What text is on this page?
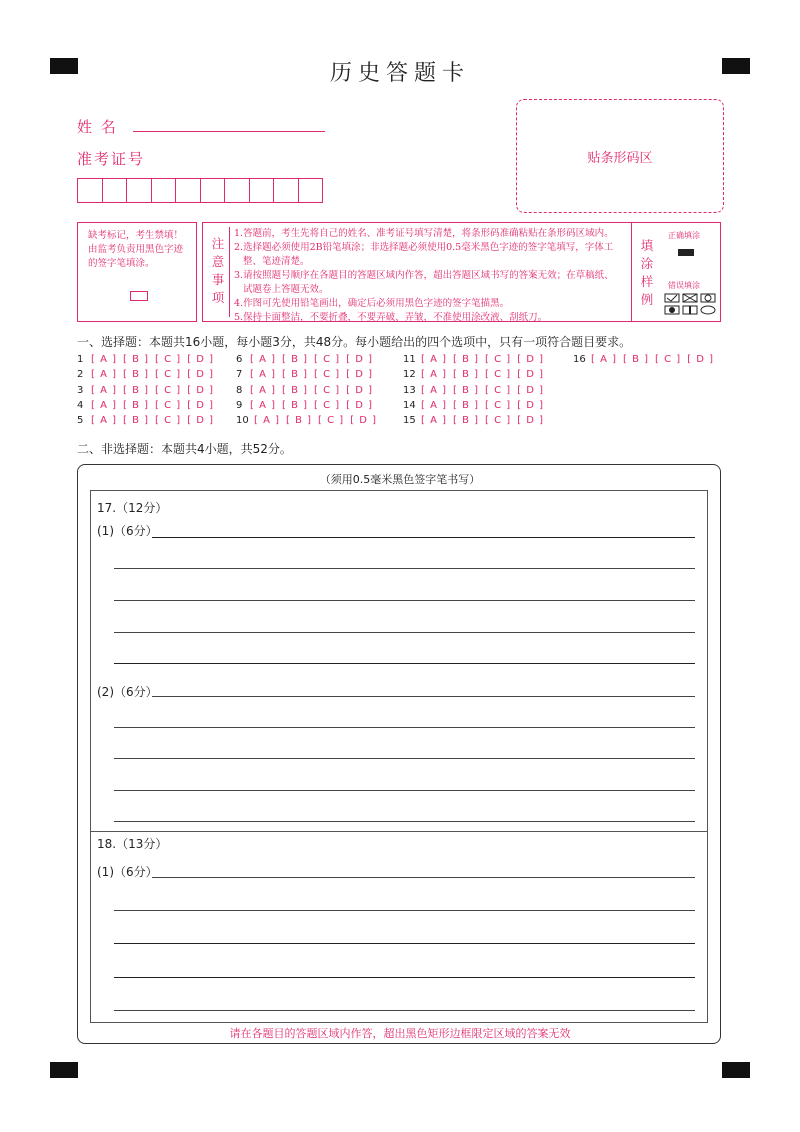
历史答题卡
姓 名
准考证号	贴条形码区
缺考标记，考生禁填！由监考负责用黑色字迹的签字笔填涂。
注
意
事
项
1.答题前，考生先将自己的姓名、准考证号填写清楚，将条形码准确粘贴在条形码区域内。
2.选择题必须使用2B铅笔填涂；非选择题必须使用0.5毫米黑色字迹的签字笔填写，字体工
整、笔迹清楚。
3.请按照题号顺序在各题目的答题区域内作答，超出答题区域书写的答案无效；在草稿纸、
试题卷上答题无效。
4.作图可先使用铅笔画出，确定后必须用黑色字迹的签字笔描黑。
5.保持卡面整洁，不要折叠，不要弄破、弄皱，不准使用涂改液、刮纸刀。
填
涂
样
例
正确填涂
错误填涂
一、选择题：本题共16小题，每小题3分，共48分。每小题给出的四个选项中，只有一项符合题目要求。
1 [ A ] [ B ] [ C ] [ D ]
2 [ A ] [ B ] [ C ] [ D ]
3 [ A ] [ B ] [ C ] [ D ]
4 [ A ] [ B ] [ C ] [ D ]
5 [ A ] [ B ] [ C ] [ D ]
6 [ A ] [ B ] [ C ] [ D ]
7 [ A ] [ B ] [ C ] [ D ]
8 [ A ] [ B ] [ C ] [ D ]
9 [ A ] [ B ] [ C ] [ D ]
10 [ A ] [ B ] [ C ] [ D ]
11 [ A ] [ B ] [ C ] [ D ]
12 [ A ] [ B ] [ C ] [ D ]
13 [ A ] [ B ] [ C ] [ D ]
14 [ A ] [ B ] [ C ] [ D ]
15 [ A ] [ B ] [ C ] [ D ]
16 [ A ] [ B ] [ C ] [ D ]
二、非选择题：本题共4小题，共52分。
（须用0.5毫米黑色签字笔书写）
17.（12分）
(1)（6分）
(2)（6分）
18.（13分）
(1)（6分）
请在各题目的答题区域内作答，超出黑色矩形边框限定区域的答案无效
